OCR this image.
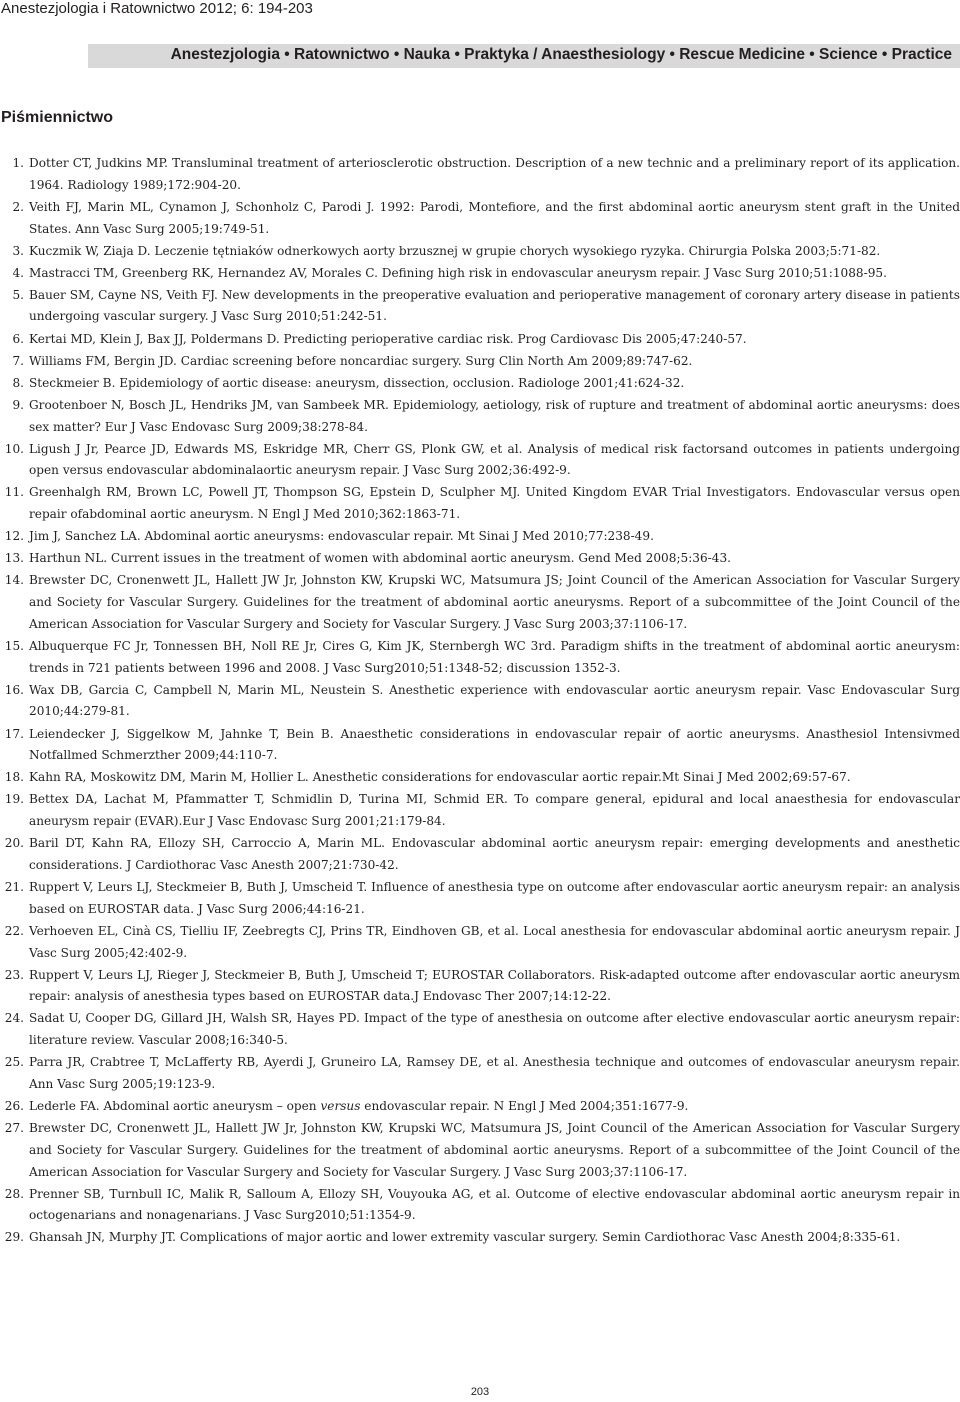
Anestezjologia i Ratownictwo 2012; 6: 194-203
Anestezjologia • Ratownictwo • Nauka • Praktyka / Anaesthesiology • Rescue Medicine • Science • Practice
Piśmiennictwo
1. Dotter CT, Judkins MP. Transluminal treatment of arteriosclerotic obstruction. Description of a new technic and a preliminary report of its application. 1964. Radiology 1989;172:904-20.
2. Veith FJ, Marin ML, Cynamon J, Schonholz C, Parodi J. 1992: Parodi, Montefiore, and the first abdominal aortic aneurysm stent graft in the United States. Ann Vasc Surg 2005;19:749-51.
3. Kuczmik W, Ziaja D. Leczenie tętniaków odnerkowych aorty brzusznej w grupie chorych wysokiego ryzyka. Chirurgia Polska 2003;5:71-82.
4. Mastracci TM, Greenberg RK, Hernandez AV, Morales C. Defining high risk in endovascular aneurysm repair. J Vasc Surg 2010;51:1088-95.
5. Bauer SM, Cayne NS, Veith FJ. New developments in the preoperative evaluation and perioperative management of coronary artery disease in patients undergoing vascular surgery. J Vasc Surg 2010;51:242-51.
6. Kertai MD, Klein J, Bax JJ, Poldermans D. Predicting perioperative cardiac risk. Prog Cardiovasc Dis 2005;47:240-57.
7. Williams FM, Bergin JD. Cardiac screening before noncardiac surgery. Surg Clin North Am 2009;89:747-62.
8. Steckmeier B. Epidemiology of aortic disease: aneurysm, dissection, occlusion. Radiologe 2001;41:624-32.
9. Grootenboer N, Bosch JL, Hendriks JM, van Sambeek MR. Epidemiology, aetiology, risk of rupture and treatment of abdominal aortic aneurysms: does sex matter? Eur J Vasc Endovasc Surg 2009;38:278-84.
10. Ligush J Jr, Pearce JD, Edwards MS, Eskridge MR, Cherr GS, Plonk GW, et al. Analysis of medical risk factorsand outcomes in patients undergoing open versus endovascular abdominalaortic aneurysm repair. J Vasc Surg 2002;36:492-9.
11. Greenhalgh RM, Brown LC, Powell JT, Thompson SG, Epstein D, Sculpher MJ. United Kingdom EVAR Trial Investigators. Endovascular versus open repair ofabdominal aortic aneurysm. N Engl J Med 2010;362:1863-71.
12. Jim J, Sanchez LA. Abdominal aortic aneurysms: endovascular repair. Mt Sinai J Med 2010;77:238-49.
13. Harthun NL. Current issues in the treatment of women with abdominal aortic aneurysm. Gend Med 2008;5:36-43.
14. Brewster DC, Cronenwett JL, Hallett JW Jr, Johnston KW, Krupski WC, Matsumura JS; Joint Council of the American Association for Vascular Surgery and Society for Vascular Surgery. Guidelines for the treatment of abdominal aortic aneurysms. Report of a subcommittee of the Joint Council of the American Association for Vascular Surgery and Society for Vascular Surgery. J Vasc Surg 2003;37:1106-17.
15. Albuquerque FC Jr, Tonnessen BH, Noll RE Jr, Cires G, Kim JK, Sternbergh WC 3rd. Paradigm shifts in the treatment of abdominal aortic aneurysm: trends in 721 patients between 1996 and 2008. J Vasc Surg2010;51:1348-52; discussion 1352-3.
16. Wax DB, Garcia C, Campbell N, Marin ML, Neustein S. Anesthetic experience with endovascular aortic aneurysm repair. Vasc Endovascular Surg 2010;44:279-81.
17. Leiendecker J, Siggelkow M, Jahnke T, Bein B. Anaesthetic considerations in endovascular repair of aortic aneurysms. Anasthesiol Intensivmed Notfallmed Schmerzther 2009;44:110-7.
18. Kahn RA, Moskowitz DM, Marin M, Hollier L. Anesthetic considerations for endovascular aortic repair.Mt Sinai J Med 2002;69:57-67.
19. Bettex DA, Lachat M, Pfammatter T, Schmidlin D, Turina MI, Schmid ER. To compare general, epidural and local anaesthesia for endovascular aneurysm repair (EVAR).Eur J Vasc Endovasc Surg 2001;21:179-84.
20. Baril DT, Kahn RA, Ellozy SH, Carroccio A, Marin ML. Endovascular abdominal aortic aneurysm repair: emerging developments and anesthetic considerations. J Cardiothorac Vasc Anesth 2007;21:730-42.
21. Ruppert V, Leurs LJ, Steckmeier B, Buth J, Umscheid T. Influence of anesthesia type on outcome after endovascular aortic aneurysm repair: an analysis based on EUROSTAR data. J Vasc Surg 2006;44:16-21.
22. Verhoeven EL, Cinà CS, Tielliu IF, Zeebregts CJ, Prins TR, Eindhoven GB, et al. Local anesthesia for endovascular abdominal aortic aneurysm repair. J Vasc Surg 2005;42:402-9.
23. Ruppert V, Leurs LJ, Rieger J, Steckmeier B, Buth J, Umscheid T; EUROSTAR Collaborators. Risk-adapted outcome after endovascular aortic aneurysm repair: analysis of anesthesia types based on EUROSTAR data.J Endovasc Ther 2007;14:12-22.
24. Sadat U, Cooper DG, Gillard JH, Walsh SR, Hayes PD. Impact of the type of anesthesia on outcome after elective endovascular aortic aneurysm repair: literature review. Vascular 2008;16:340-5.
25. Parra JR, Crabtree T, McLafferty RB, Ayerdi J, Gruneiro LA, Ramsey DE, et al. Anesthesia technique and outcomes of endovascular aneurysm repair. Ann Vasc Surg 2005;19:123-9.
26. Lederle FA. Abdominal aortic aneurysm – open versus endovascular repair. N Engl J Med 2004;351:1677-9.
27. Brewster DC, Cronenwett JL, Hallett JW Jr, Johnston KW, Krupski WC, Matsumura JS, Joint Council of the American Association for Vascular Surgery and Society for Vascular Surgery. Guidelines for the treatment of abdominal aortic aneurysms. Report of a subcommittee of the Joint Council of the American Association for Vascular Surgery and Society for Vascular Surgery. J Vasc Surg 2003;37:1106-17.
28. Prenner SB, Turnbull IC, Malik R, Salloum A, Ellozy SH, Vouyouka AG, et al. Outcome of elective endovascular abdominal aortic aneurysm repair in octogenarians and nonagenarians. J Vasc Surg2010;51:1354-9.
29. Ghansah JN, Murphy JT. Complications of major aortic and lower extremity vascular surgery. Semin Cardiothorac Vasc Anesth 2004;8:335-61.
203
